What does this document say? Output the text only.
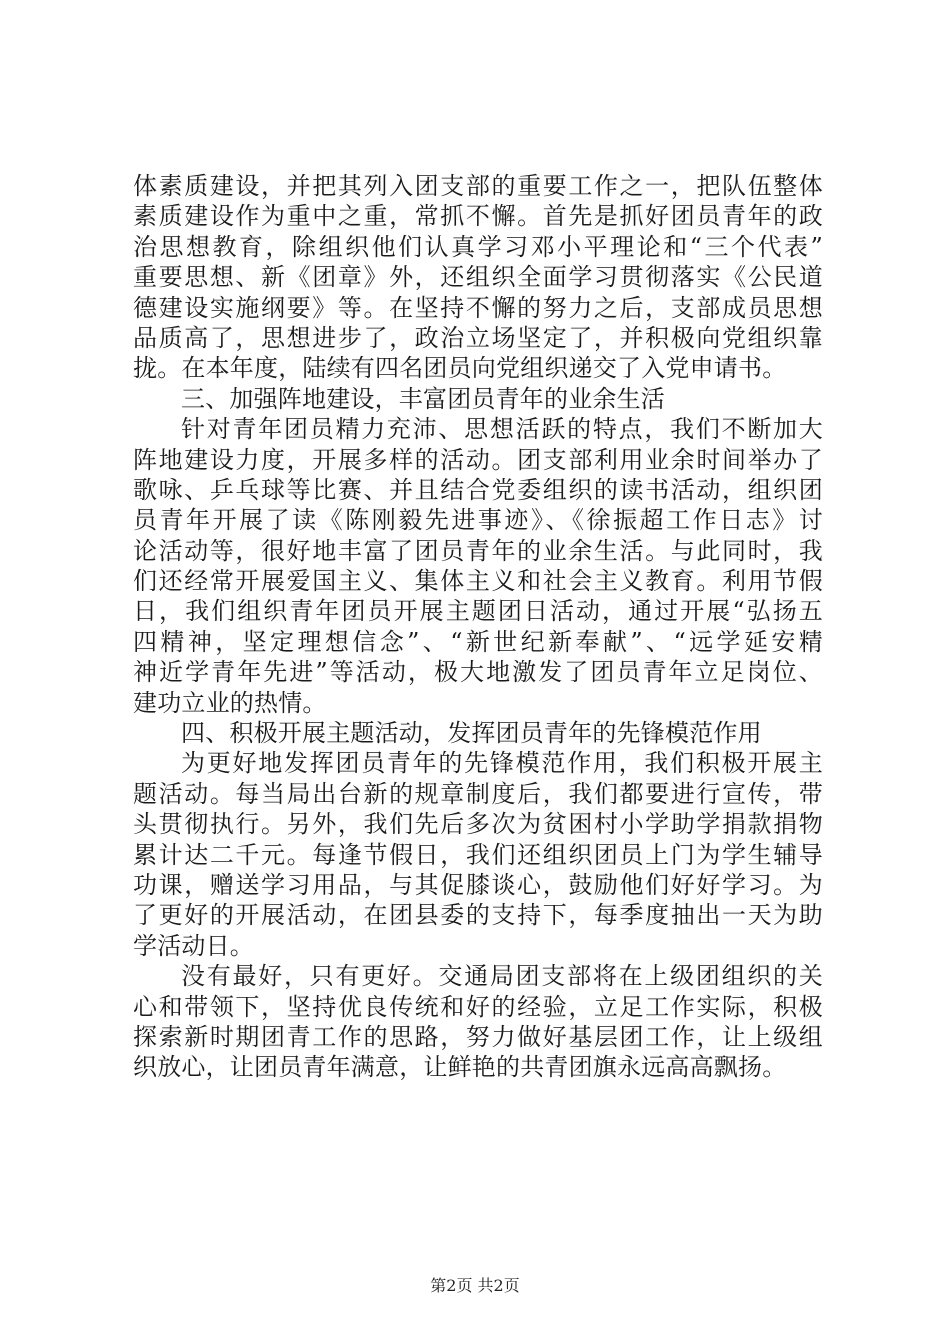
体素质建设，并把其列入团支部的重要工作之一，把队伍整体
素质建设作为重中之重，常抓不懈。首先是抓好团员青年的政
治思想教育，除组织他们认真学习邓小平理论和“三个代表”
重要思想、新《团章》外，还组织全面学习贯彻落实《公民道
德建设实施纲要》等。在坚持不懈的努力之后，支部成员思想
品质高了，思想进步了，政治立场坚定了，并积极向党组织靠
拢。在本年度，陆续有四名团员向党组织递交了入党申请书。
三、加强阵地建设，丰富团员青年的业余生活
针对青年团员精力充沛、思想活跃的特点，我们不断加大
阵地建设力度，开展多样的活动。团支部利用业余时间举办了
歌咏、乒乓球等比赛、并且结合党委组织的读书活动，组织团
员青年开展了读《陈刚毅先进事迹》、《徐振超工作日志》讨
论活动等，很好地丰富了团员青年的业余生活。与此同时，我
们还经常开展爱国主义、集体主义和社会主义教育。利用节假
日，我们组织青年团员开展主题团日活动，通过开展“弘扬五
四精神，坚定理想信念”、“新世纪新奉献”、“远学延安精
神近学青年先进”等活动，极大地激发了团员青年立足岗位、
建功立业的热情。
四、积极开展主题活动，发挥团员青年的先锋模范作用
为更好地发挥团员青年的先锋模范作用，我们积极开展主
题活动。每当局出台新的规章制度后，我们都要进行宣传，带
头贯彻执行。另外，我们先后多次为贫困村小学助学捐款捐物
累计达二千元。每逢节假日，我们还组织团员上门为学生辅导
功课，赠送学习用品，与其促膝谈心，鼓励他们好好学习。为
了更好的开展活动，在团县委的支持下，每季度抽出一天为助
学活动日。
没有最好，只有更好。交通局团支部将在上级团组织的关
心和带领下，坚持优良传统和好的经验，立足工作实际，积极
探索新时期团青工作的思路，努力做好基层团工作，让上级组
织放心，让团员青年满意，让鲜艳的共青团旗永远高高飘扬。
第2页 共2页
